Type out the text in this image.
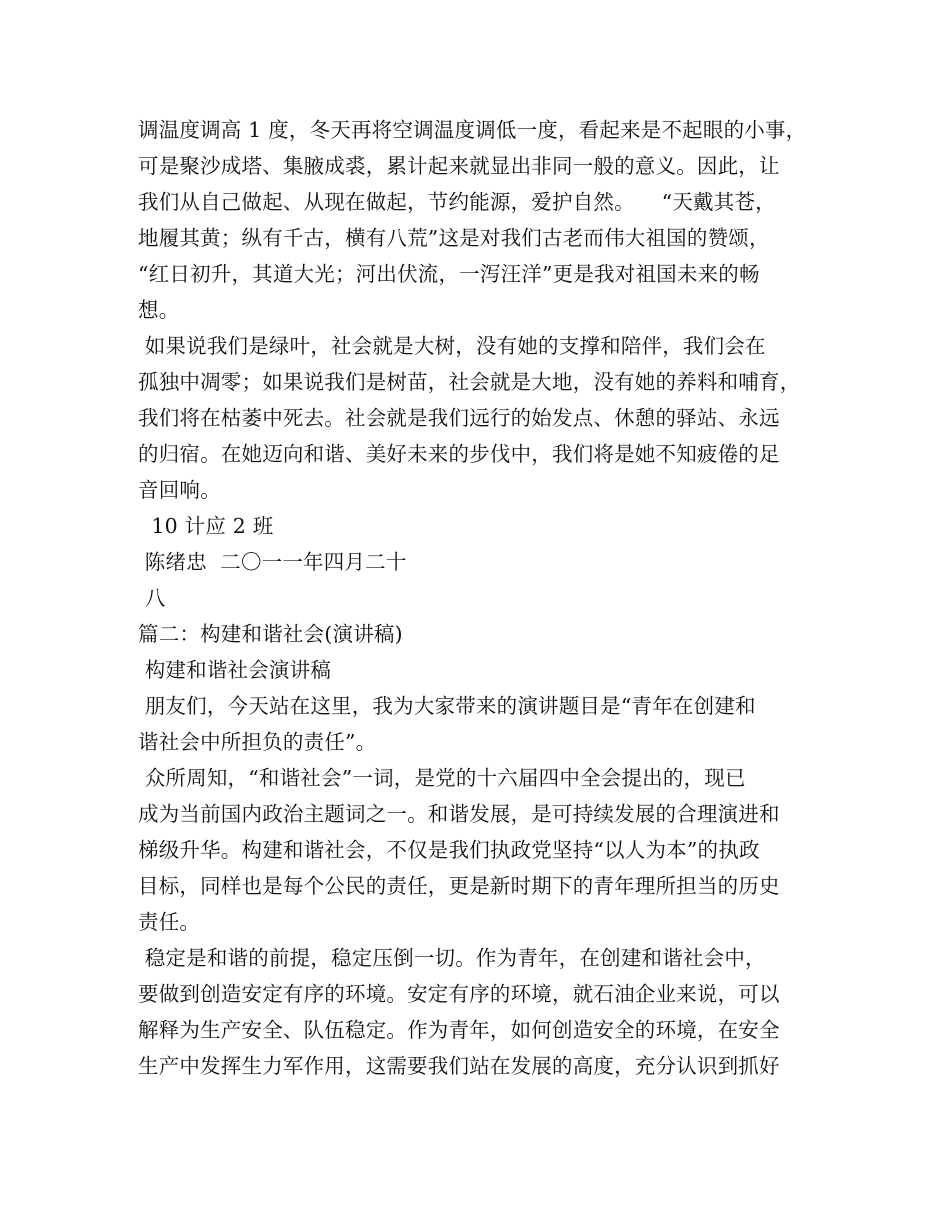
调温度调高 1 度，冬天再将空调温度调低一度，看起来是不起眼的小事，
可是聚沙成塔、集腋成裘，累计起来就显出非同一般的意义。因此，让
我们从自己做起、从现在做起，节约能源，爱护自然。    “天戴其苍，
地履其黄；纵有千古，横有八荒”这是对我们古老而伟大祖国的赞颂，
“红日初升，其道大光；河出伏流，一泻汪洋”更是我对祖国未来的畅
想。
如果说我们是绿叶，社会就是大树，没有她的支撑和陪伴，我们会在
孤独中凋零；如果说我们是树苗，社会就是大地，没有她的养料和哺育，
我们将在枯萎中死去。社会就是我们远行的始发点、休憩的驿站、永远
的归宿。在她迈向和谐、美好未来的步伐中，我们将是她不知疲倦的足
音回响。
10 计应 2 班
陈绪忠  二〇一一年四月二十
八
篇二：构建和谐社会(演讲稿)
构建和谐社会演讲稿
朋友们，今天站在这里，我为大家带来的演讲题目是“青年在创建和
谐社会中所担负的责任”。
众所周知，“和谐社会”一词，是党的十六届四中全会提出的，现已
成为当前国内政治主题词之一。和谐发展，是可持续发展的合理演进和
梯级升华。构建和谐社会，不仅是我们执政党坚持“以人为本”的执政
目标，同样也是每个公民的责任，更是新时期下的青年理所担当的历史
责任。
稳定是和谐的前提，稳定压倒一切。作为青年，在创建和谐社会中，
要做到创造安定有序的环境。安定有序的环境，就石油企业来说，可以
解释为生产安全、队伍稳定。作为青年，如何创造安全的环境，在安全
生产中发挥生力军作用，这需要我们站在发展的高度，充分认识到抓好
